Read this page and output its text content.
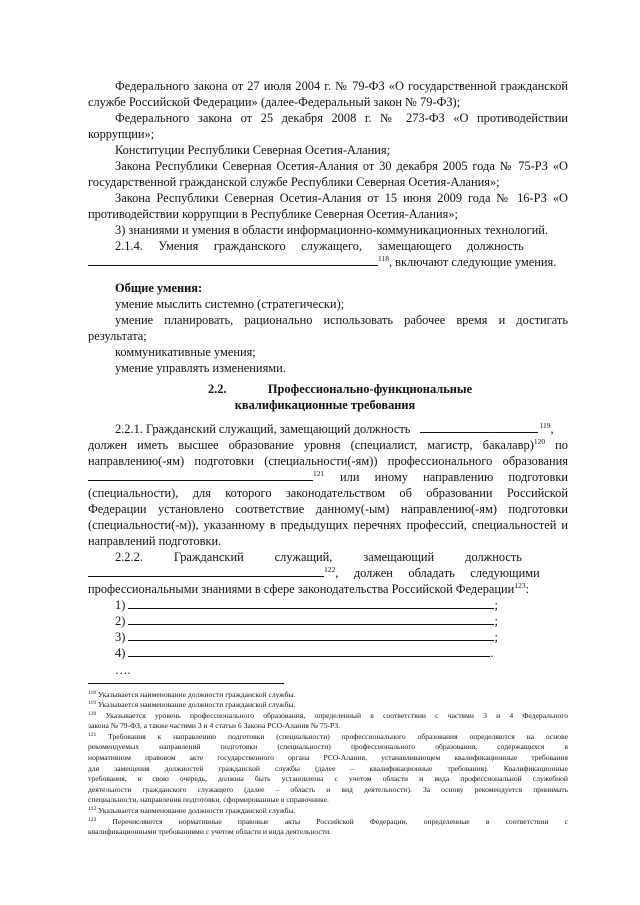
Федерального закона от 27 июля 2004 г. № 79-ФЗ «О государственной гражданской
службе Российской Федерации» (далее-Федеральный закон № 79-ФЗ);
Федерального закона от 25 декабря 2008 г. № 273-ФЗ «О противодействии
коррупции»;
Конституции Республики Северная Осетия-Алания;
Закона Республики Северная Осетия-Алания от 30 декабря 2005 года № 75-РЗ «О
государственной гражданской службе Республики Северная Осетия-Алания»;
Закона Республики Северная Осетия-Алания от 15 июня 2009 года № 16-РЗ «О
противодействии коррупции в Республике Северная Осетия-Алания»;
3) знаниями и умения в области информационно-коммуникационных технологий.
2.1.4.     Умения     гражданского     служащего,     замещающего     должность
$^{118}$, включают следующие умения.
Общие умения:
умение мыслить системно (стратегически);
умение планировать, рационально использовать рабочее время и достигать
результата;
коммуникативные умения;
умение управлять изменениями.
2.2.	Профессионально-функциональные
квалификационные требования
2.2.1. Гражданский служащий, замещающий должность	$^{119}$,
должен иметь высшее образование уровня (специалист, магистр, бакалавр)$^{120}$ по
направлению(-ям) подготовки (специальности(-ям)) профессионального образования
$^{121}$ или иному направлению подготовки
(специальности), для которого законодательством об образовании Российской
Федерации установлено соответствие данному(-ым) направлению(-ям) подготовки
(специальности(-м)), указанному в предыдущих перечнях профессий, специальностей и
направлений подготовки.
2.2.2.          Гражданский          служащий,          замещающий          должность
$^{122}$,     должен     обладать     следующими
профессиональными знаниями в сфере законодательства Российской Федерации$^{123}$:
1)	;
2)	;
3)	;
4)	.
….
$^{118}$ Указывается наименование должности гражданской службы.
$^{119}$ Указывается наименование должности гражданской службы.
$^{120}$ Указывается уровень профессионального образования, определенный в соответствии с частями 3 и 4 Федерального
закона № 79-ФЗ, а также частями 3 и 4 статьи 6 Закона РСО-Алания № 75-РЗ.
$^{121}$ Требования к направлению подготовки (специальности) профессионального образования определяются на основе
рекомендуемых направлений подготовки (специальности) профессионального образования, содержащихся в
нормативном правовом акте государственного органа РСО-Алания, устанавливающем квалификационные требования
для замещения должностей гражданской службы (далее – квалификационные требования). Квалификационные
требования, в свою очередь, должны быть установлены с учетом области и вида профессиональной служебной
деятельности гражданского служащего (далее – область и вид деятельности). За основу рекомендуется принимать
специальности, направления подготовки, сформированные в справочнике.
$^{122}$ Указывается наименование должности гражданской службы.
$^{123}$ Перечисляются нормативные правовые акты Российской Федерации, определенные в соответствии с
квалификационными требованиями с учетом области и вида деятельности.
